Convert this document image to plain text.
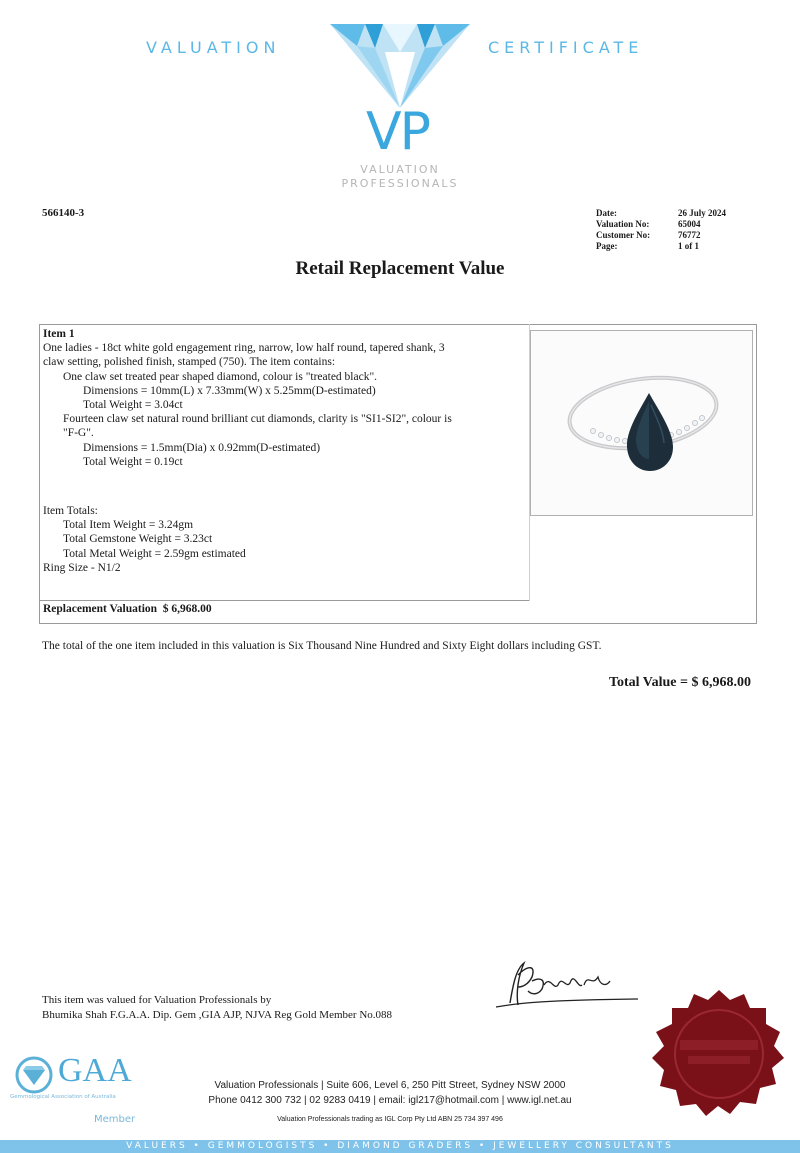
VALUATION	CERTIFICATE
VP
VALUATION
PROFESSIONALS
566140-3	Date:	26 July 2024
Valuation No:	65004
Customer No:	76772
Page:	1 of 1
Retail Replacement Value
Item 1
One ladies - 18ct white gold engagement ring, narrow, low half round, tapered shank, 3
claw setting, polished finish, stamped (750). The item contains:
One claw set treated pear shaped diamond, colour is "treated black".
Dimensions = 10mm(L) x 7.33mm(W) x 5.25mm(D-estimated)
Total Weight = 3.04ct
Fourteen claw set natural round brilliant cut diamonds, clarity is "SI1-SI2", colour is
"F-G".
Dimensions = 1.5mm(Dia) x 0.92mm(D-estimated)
Total Weight = 0.19ct
Item Totals:
Total Item Weight = 3.24gm
Total Gemstone Weight = 3.23ct
Total Metal Weight = 2.59gm estimated
Ring Size - N1/2
Replacement Valuation  $ 6,968.00
The total of the one item included in this valuation is Six Thousand Nine Hundred and Sixty Eight dollars including GST.
Total Value = $ 6,968.00
This item was valued for Valuation Professionals by
Bhumika Shah F.G.A.A. Dip. Gem ,GIA AJP, NJVA Reg Gold Member No.088
GAA
Gemmological Association of Australia
Member
Valuation Professionals | Suite 606, Level 6, 250 Pitt Street, Sydney NSW 2000
Phone 0412 300 732 | 02 9283 0419 | email: igl217@hotmail.com | www.igl.net.au
Valuation Professionals trading as IGL Corp Pty Ltd ABN 25 734 397 496
VALUERS • GEMMOLOGISTS • DIAMOND GRADERS • JEWELLERY CONSULTANTS
